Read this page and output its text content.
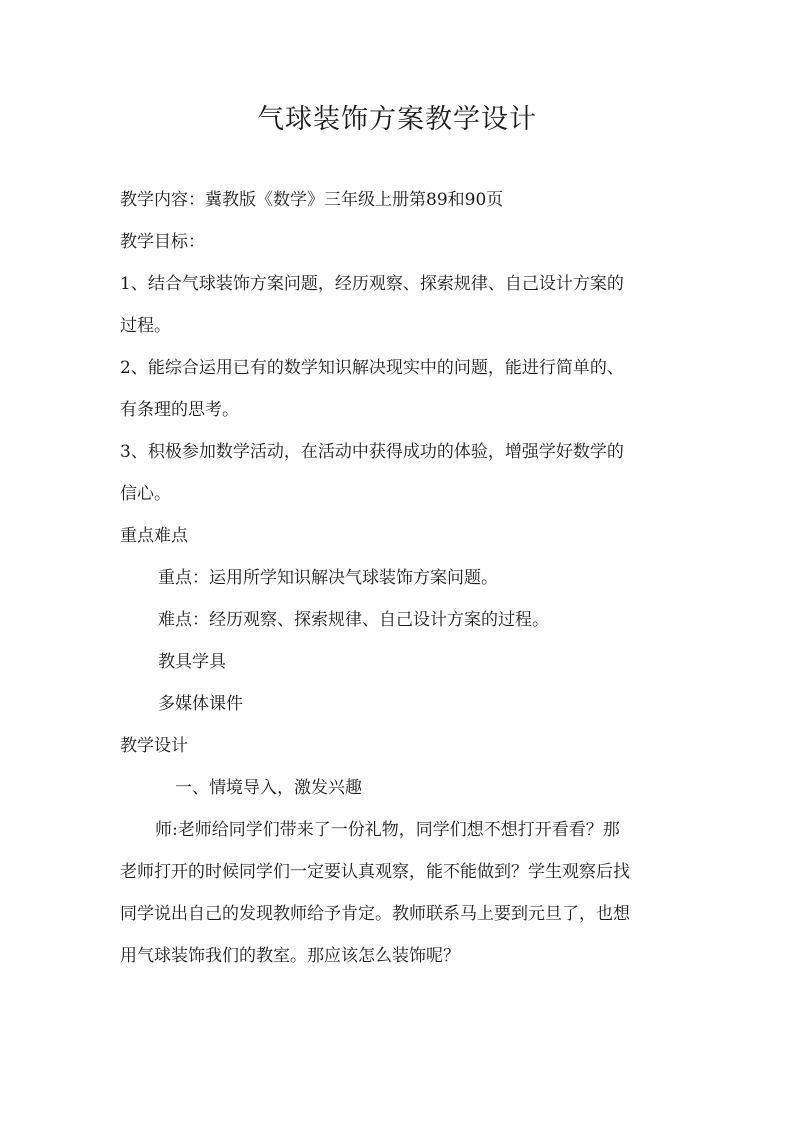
气球装饰方案教学设计
教学内容：冀教版《数学》三年级上册第89和90页
教学目标：
1、结合气球装饰方案问题，经历观察、探索规律、自己设计方案的
过程。
2、能综合运用已有的数学知识解决现实中的问题，能进行简单的、
有条理的思考。
3、积极参加数学活动，在活动中获得成功的体验，增强学好数学的
信心。
重点难点
重点：运用所学知识解决气球装饰方案问题。
难点：经历观察、探索规律、自己设计方案的过程。
教具学具
多媒体课件
教学设计
一、情境导入，激发兴趣
师:老师给同学们带来了一份礼物，同学们想不想打开看看？那
老师打开的时候同学们一定要认真观察，能不能做到？学生观察后找
同学说出自己的发现教师给予肯定。教师联系马上要到元旦了，也想
用气球装饰我们的教室。那应该怎么装饰呢？
